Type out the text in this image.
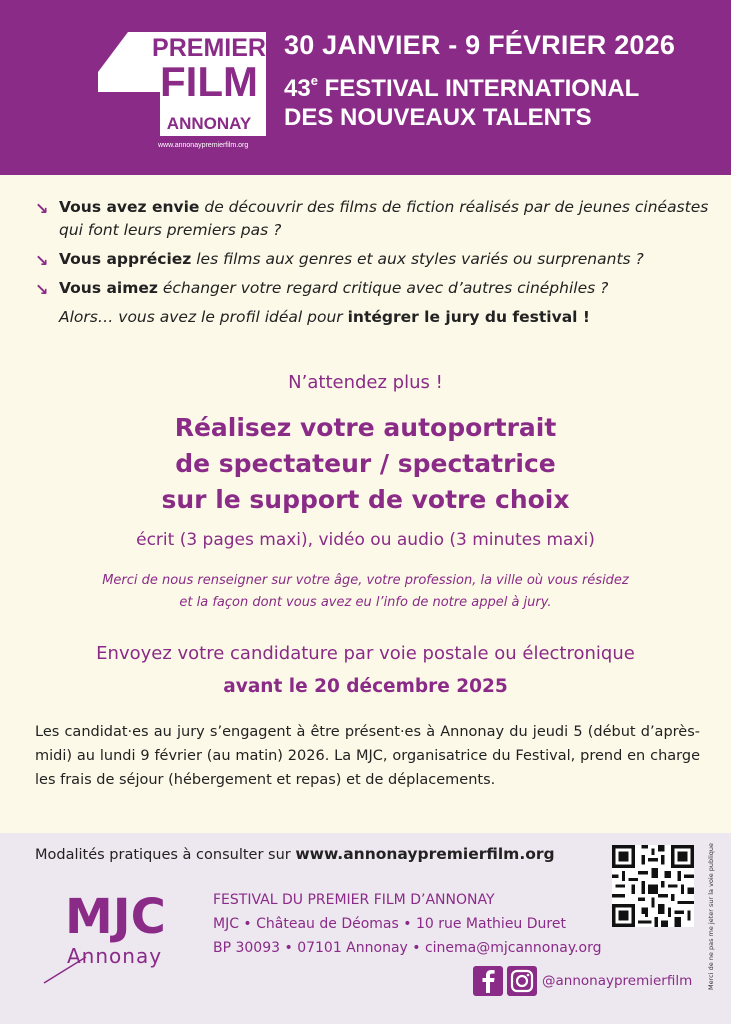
PREMIER
FILM
ANNONAY
www.annonaypremierfilm.org
30 JANVIER - 9 FÉVRIER 2026
43e FESTIVAL INTERNATIONAL
DES NOUVEAUX TALENTS
↘ Vous avez envie de découvrir des films de fiction réalisés par de jeunes cinéastes qui font leurs premiers pas ?
↘ Vous appréciez les films aux genres et aux styles variés ou surprenants ?
↘ Vous aimez échanger votre regard critique avec d’autres cinéphiles ?
Alors… vous avez le profil idéal pour intégrer le jury du festival !
N’attendez plus !
Réalisez votre autoportrait
de spectateur / spectatrice
sur le support de votre choix
écrit (3 pages maxi), vidéo ou audio (3 minutes maxi)
Merci de nous renseigner sur votre âge, votre profession, la ville où vous résidez
et la façon dont vous avez eu l’info de notre appel à jury.
Envoyez votre candidature par voie postale ou électronique
avant le 20 décembre 2025
Les candidat·es au jury s’engagent à être présent·es à Annonay du jeudi 5 (début d’après-midi) au lundi 9 février (au matin) 2026. La MJC, organisatrice du Festival, prend en charge les frais de séjour (hébergement et repas) et de déplacements.
Modalités pratiques à consulter sur www.annonaypremierfilm.org	Merci de ne pas me jeter sur la voie publique
MJC
Annonay
FESTIVAL DU PREMIER FILM D’ANNONAY
MJC • Château de Déomas • 10 rue Mathieu Duret
BP 30093 • 07101 Annonay • cinema@mjcannonay.org
@annonaypremierfilm
